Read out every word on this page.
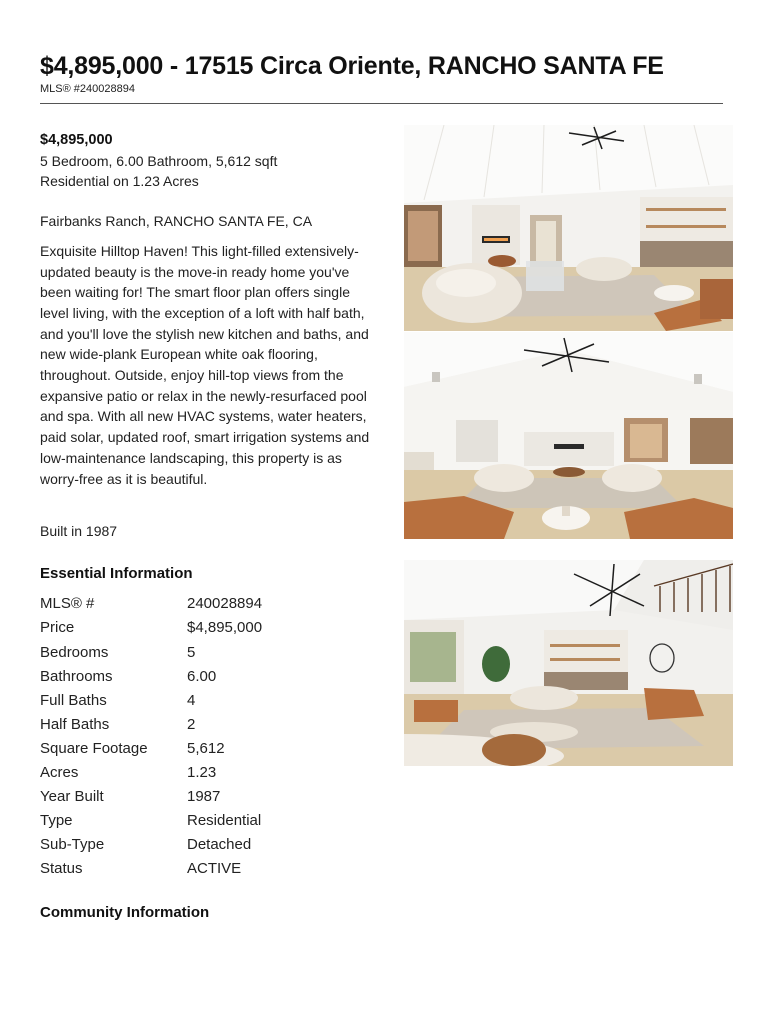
$4,895,000 - 17515 Circa Oriente, RANCHO SANTA FE
MLS® #240028894
$4,895,000
5 Bedroom, 6.00 Bathroom, 5,612 sqft
Residential on 1.23 Acres
Fairbanks Ranch, RANCHO SANTA FE, CA

Exquisite Hilltop Haven! This light-filled extensively-updated beauty is the move-in ready home you've been waiting for! The smart floor plan offers single level living, with the exception of a loft with half bath, and you'll love the stylish new kitchen and baths, and new wide-plank European white oak flooring, throughout. Outside, enjoy hill-top views from the expansive patio or relax in the newly-resurfaced pool and spa. With all new HVAC systems, water heaters, paid solar, updated roof, smart irrigation systems and low-maintenance landscaping, this property is as worry-free as it is beautiful.

Built in 1987
Essential Information
MLS® #	240028894
Price	$4,895,000
Bedrooms	5
Bathrooms	6.00
Full Baths	4
Half Baths	2
Square Footage	5,612
Acres	1.23
Year Built	1987
Type	Residential
Sub-Type	Detached
Status	ACTIVE
Community Information
